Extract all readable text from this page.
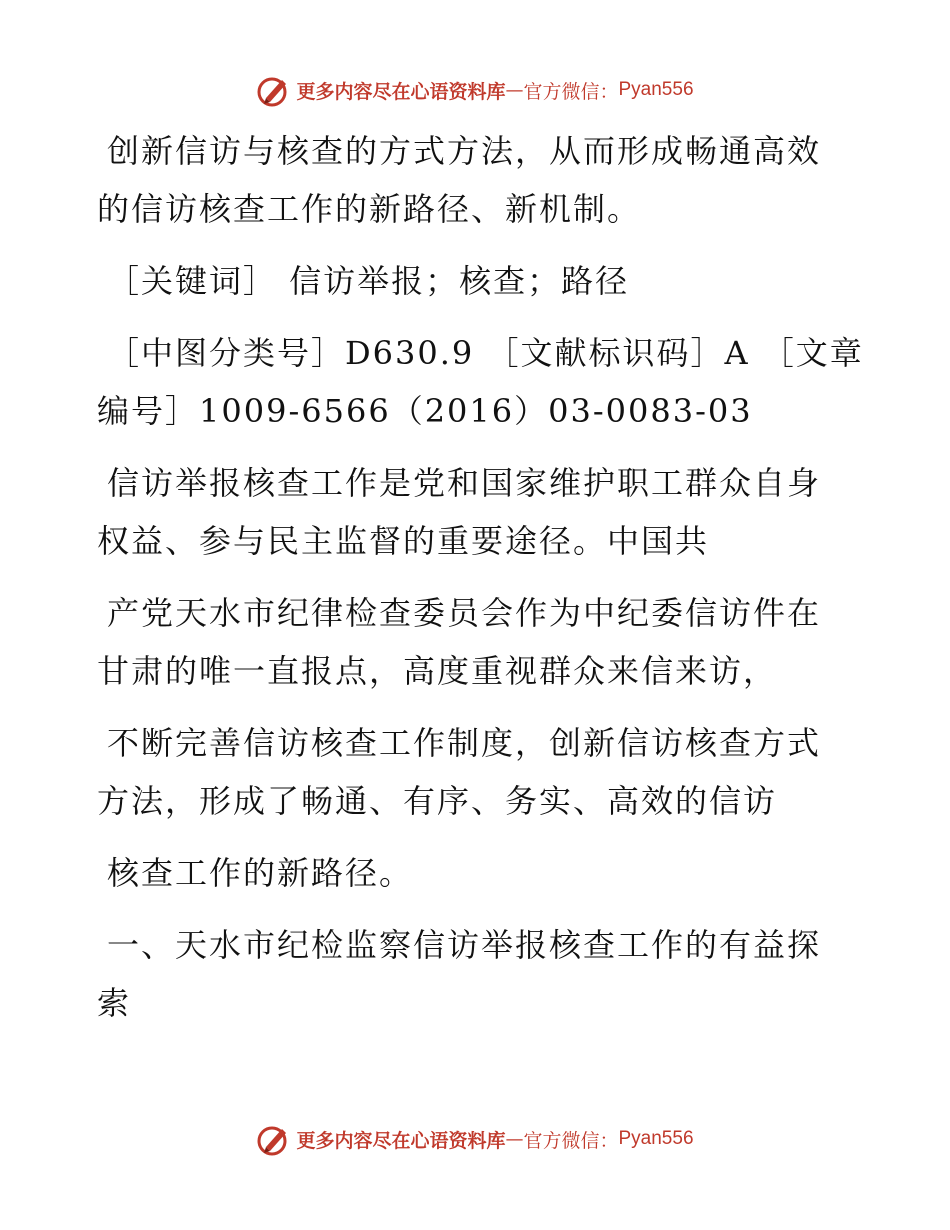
更多内容尽在心语资料库 — 官方微信： Pyan556

创新信访与核查的方式方法，从而形成畅通高效
的信访核查工作的新路径、新机制。

［关键词］ 信访举报；核查；路径

［中图分类号］D630.9 ［文献标识码］A ［文章
编号］1009-6566（2016）03-0083-03

信访举报核查工作是党和国家维护职工群众自身
权益、参与民主监督的重要途径。中国共

产党天水市纪律检查委员会作为中纪委信访件在
甘肃的唯一直报点，高度重视群众来信来访，

不断完善信访核查工作制度，创新信访核查方式
方法，形成了畅通、有序、务实、高效的信访

核查工作的新路径。

一、天水市纪检监察信访举报核查工作的有益探
索

更多内容尽在心语资料库 — 官方微信： Pyan556
